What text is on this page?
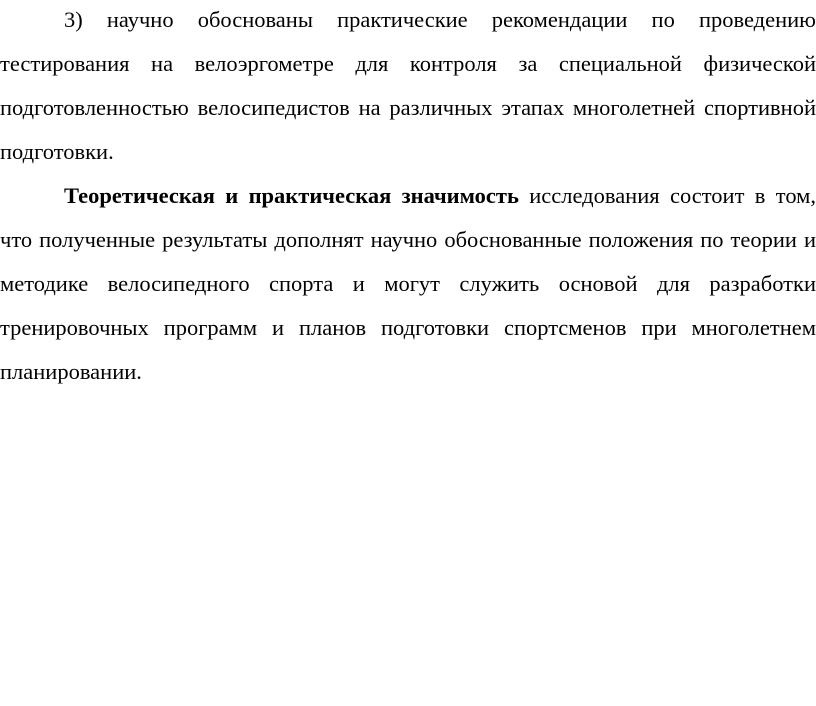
3) научно обоснованы практические рекомендации по проведению тестирования на велоэргометре для контроля за специальной физической подготовленностью велосипедистов на различных этапах многолетней спортивной подготовки.

Теоретическая и практическая значимость исследования состоит в том, что полученные результаты дополнят научно обоснованные положения по теории и методике велосипедного спорта и могут служить основой для разработки тренировочных программ и планов подготовки спортсменов при многолетнем планировании.
